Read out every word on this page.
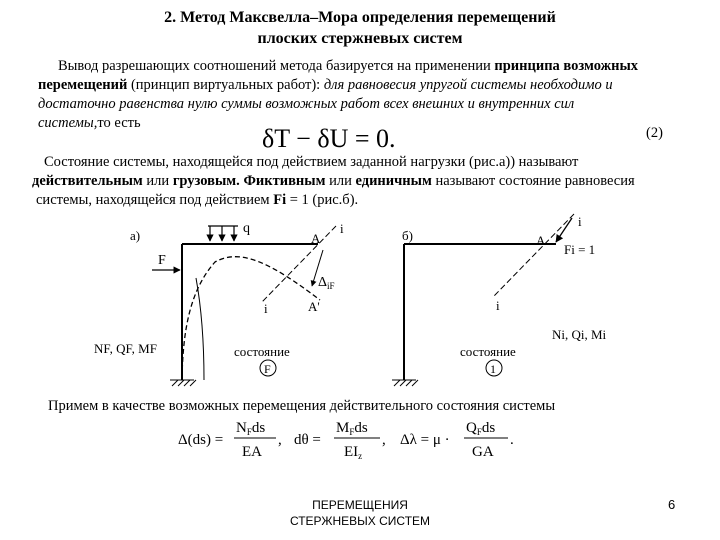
2. Метод Максвелла–Мора определения перемещений
плоских стержневых систем
Вывод разрешающих соотношений метода базируется на применении принципа возможных
перемещений (принцип виртуальных работ): для равновесия упругой системы необходимо и
достаточно равенства нулю суммы возможных работ всех внешних и внутренних сил
системы,то есть
δT − δU = 0.	(2)
Состояние системы, находящейся под действием заданной нагрузки (рис.а)) называют
действительным или грузовым. Фиктивным или единичным называют состояние равновесия
системы, находящейся под действием Fi = 1 (рис.б).
q
F
i
i
A
A'
$\Delta_{iF}$
NF, QF, MF	состояние
F
а)
i
i
A
Fi = 1
Ni, Qi, Mi
состояние
1
б)
Примем в качестве возможных перемещения действительного состояния системы
Δ(ds) =
$N_Fds$
EA
, dθ =
$M_Fds$
$EI_z$
, Δλ = μ ·
$Q_Fds$
GA
.
ПЕРЕМЕЩЕНИЯ
СТЕРЖНЕВЫХ СИСТЕМ
6
